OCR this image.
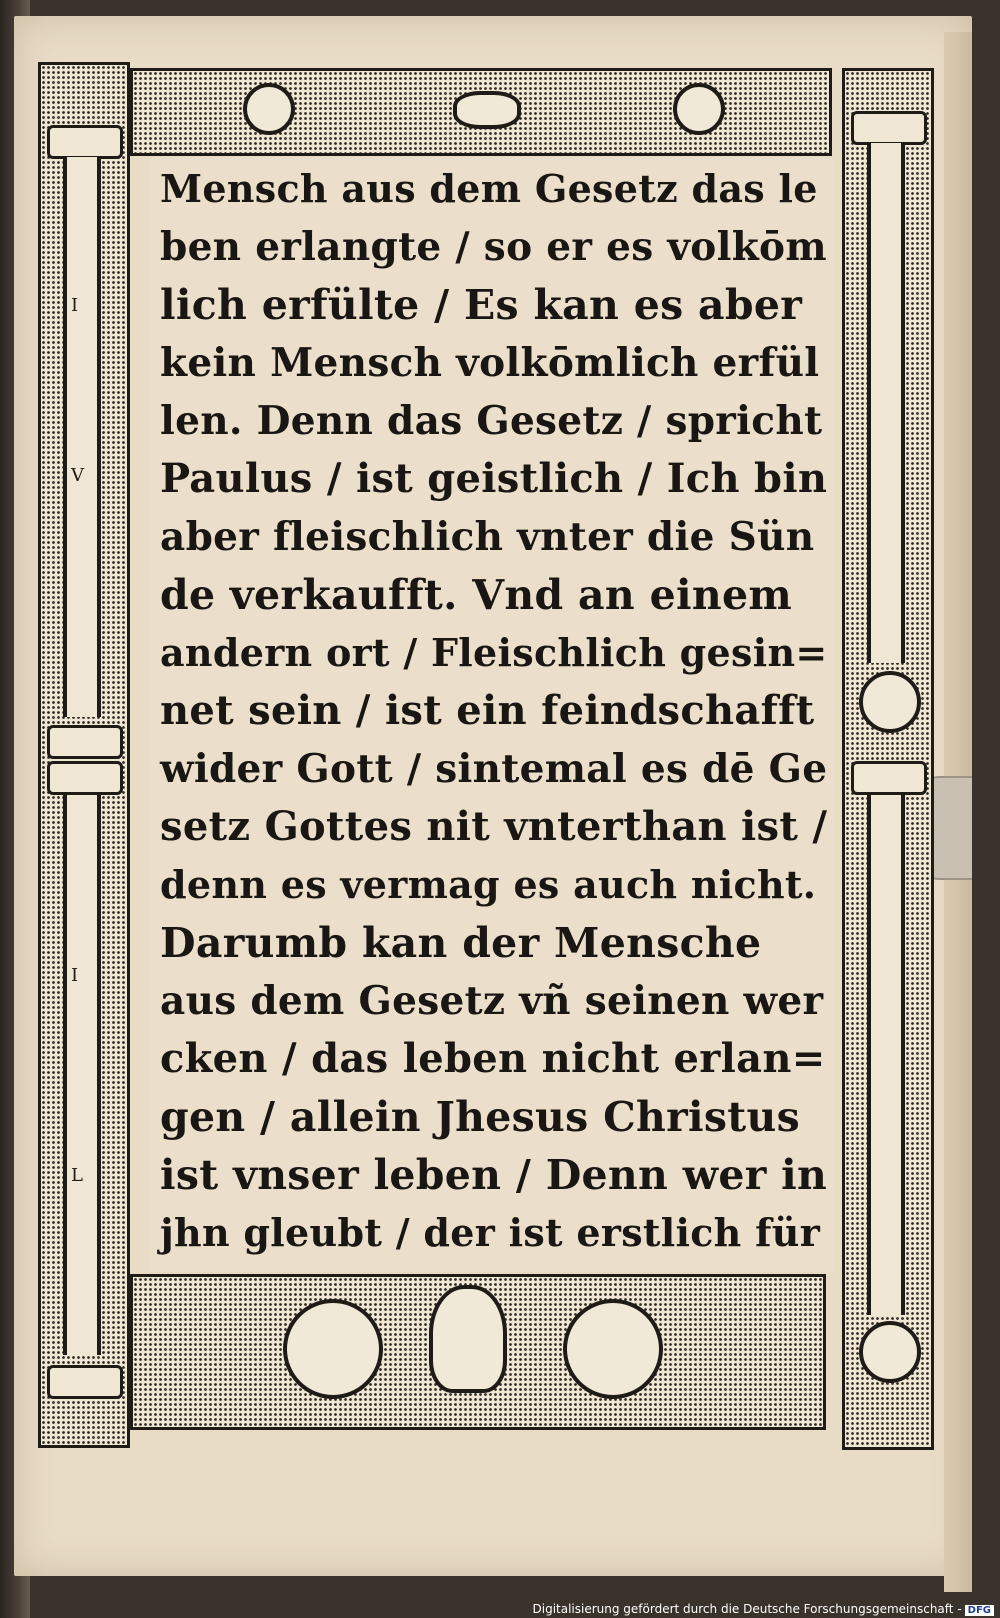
I
V
I
L
Mensch aus dem Gesetz das le
ben erlangte / so er es volkōm
lich erfülte / Es kan es aber
kein Mensch volkōmlich erfül
len. Denn das Gesetz / spricht
Paulus / ist geistlich / Ich bin
aber fleischlich vnter die Sün
de verkaufft. Vnd an einem
andern ort / Fleischlich gesin=
net sein / ist ein feindschafft
wider Gott / sintemal es dē Ge
setz Gottes nit vnterthan ist /
denn es vermag es auch nicht.
Darumb kan der Mensche
aus dem Gesetz vñ seinen wer
cken / das leben nicht erlan=
gen / allein Jhesus Christus
ist vnser leben / Denn wer in
jhn gleubt / der ist erstlich für
Digitalisierung gefördert durch die Deutsche Forschungsgemeinschaft - DFG
